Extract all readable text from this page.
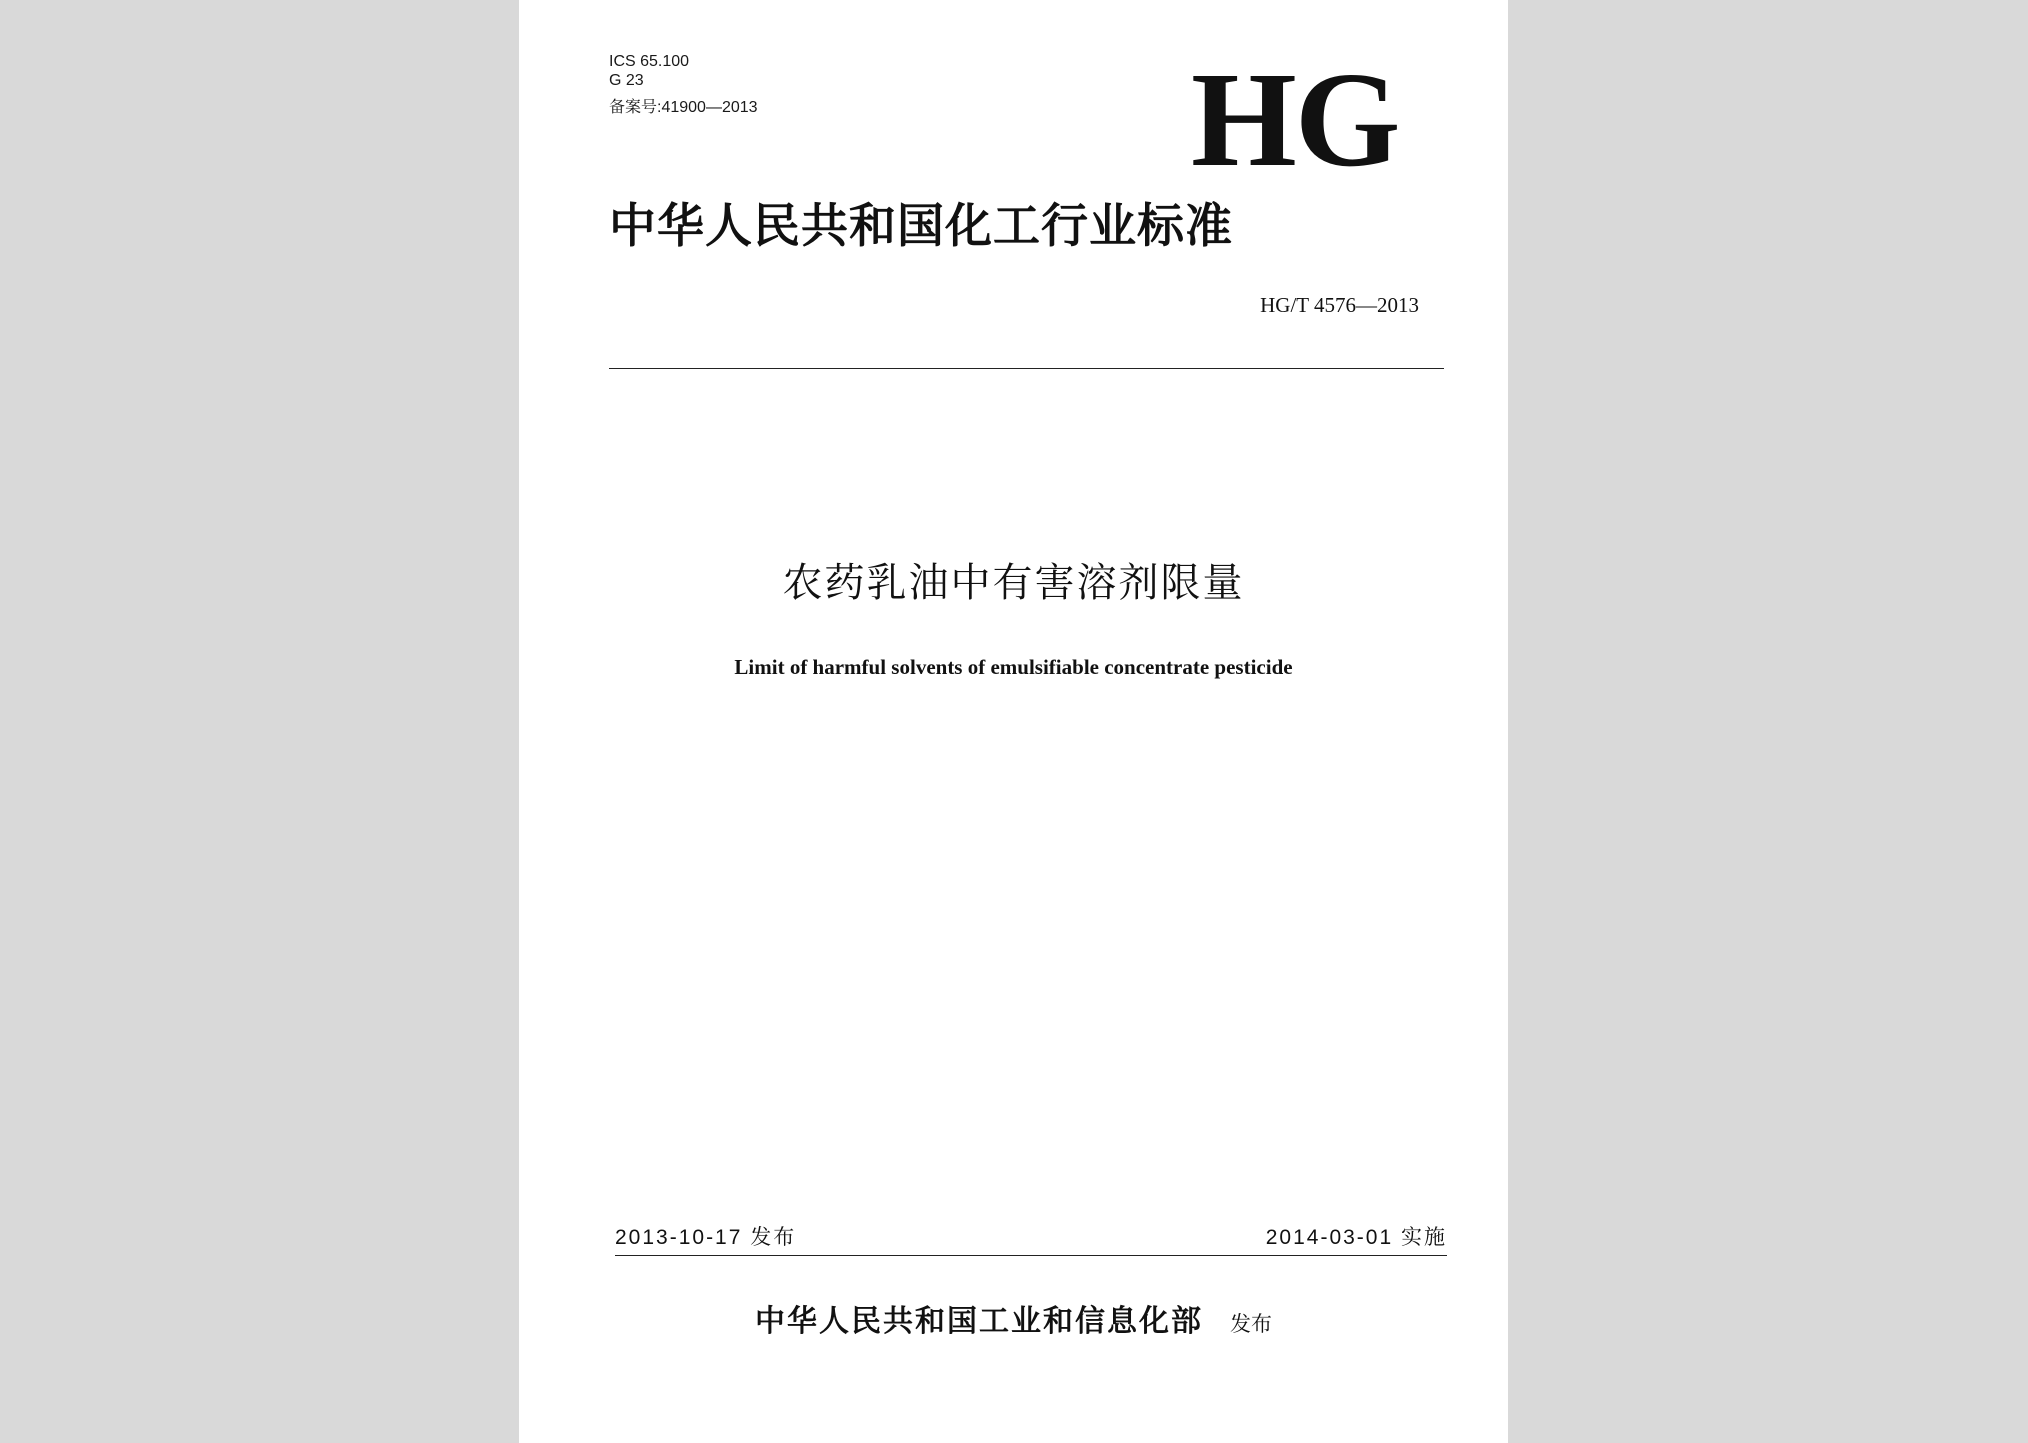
ICS 65.100
G 23
备案号:41900—2013	HG
中华人民共和国化工行业标准
HG/T 4576—2013
农药乳油中有害溶剂限量
Limit of harmful solvents of emulsifiable concentrate pesticide
2013-10-17 发布	2014-03-01 实施
中华人民共和国工业和信息化部 发布
